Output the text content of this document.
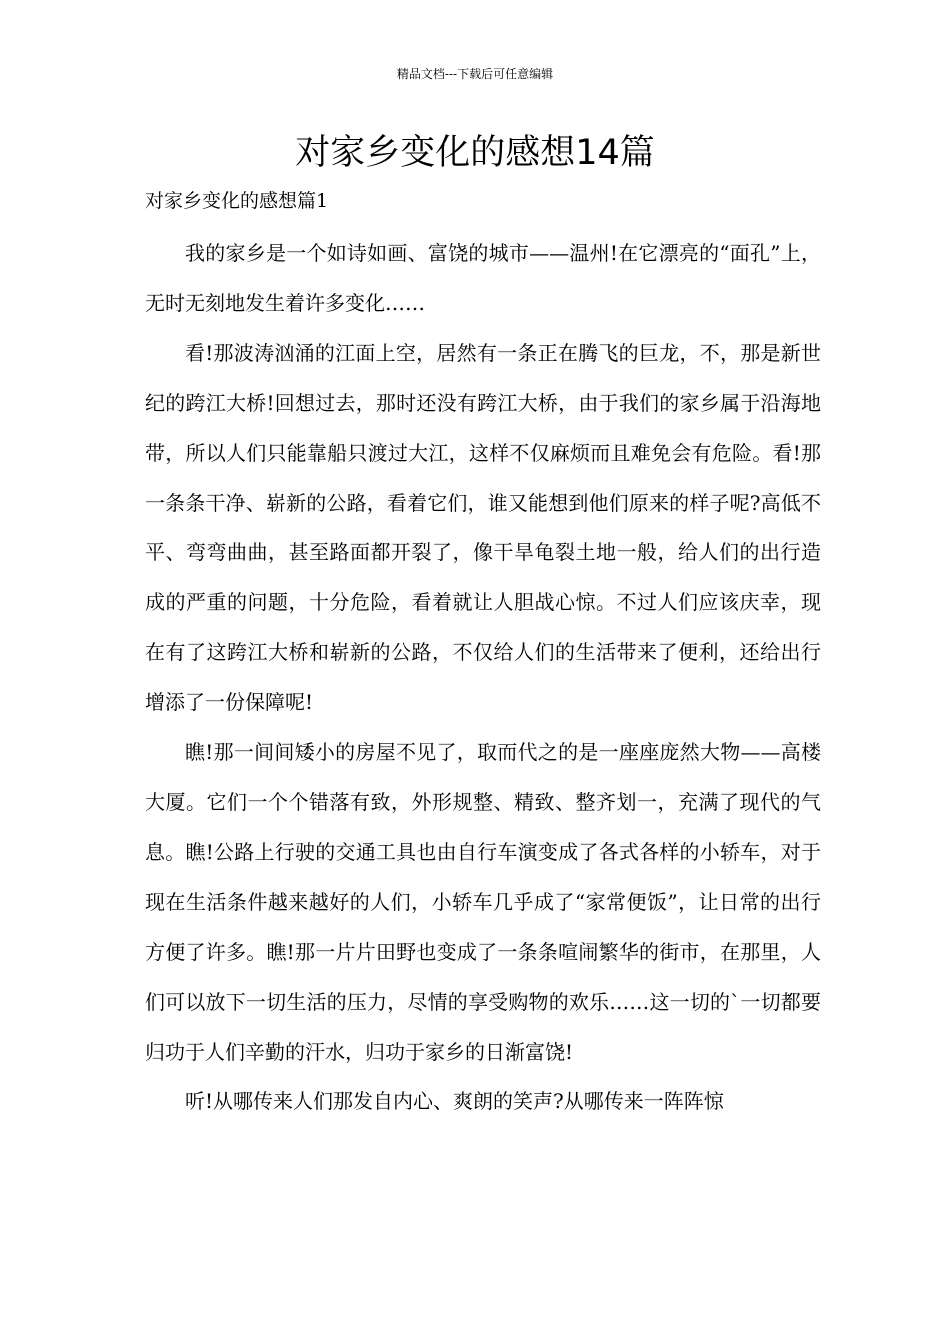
精品文档---下载后可任意编辑
对家乡变化的感想14篇
对家乡变化的感想篇1

我的家乡是一个如诗如画、富饶的城市——温州!在它漂亮的“面孔”上，无时无刻地发生着许多变化……

看!那波涛汹涌的江面上空，居然有一条正在腾飞的巨龙，不，那是新世纪的跨江大桥!回想过去，那时还没有跨江大桥，由于我们的家乡属于沿海地带，所以人们只能靠船只渡过大江，这样不仅麻烦而且难免会有危险。看!那一条条干净、崭新的公路，看着它们，谁又能想到他们原来的样子呢?高低不平、弯弯曲曲，甚至路面都开裂了，像干旱龟裂土地一般，给人们的出行造成的严重的问题，十分危险，看着就让人胆战心惊。不过人们应该庆幸，现在有了这跨江大桥和崭新的公路，不仅给人们的生活带来了便利，还给出行增添了一份保障呢!

瞧!那一间间矮小的房屋不见了，取而代之的是一座座庞然大物——高楼大厦。它们一个个错落有致，外形规整、精致、整齐划一，充满了现代的气息。瞧!公路上行驶的交通工具也由自行车演变成了各式各样的小轿车，对于现在生活条件越来越好的人们，小轿车几乎成了“家常便饭”，让日常的出行方便了许多。瞧!那一片片田野也变成了一条条喧闹繁华的街市，在那里，人们可以放下一切生活的压力，尽情的享受购物的欢乐……这一切的`一切都要归功于人们辛勤的汗水，归功于家乡的日渐富饶!

听!从哪传来人们那发自内心、爽朗的笑声?从哪传来一阵阵惊
